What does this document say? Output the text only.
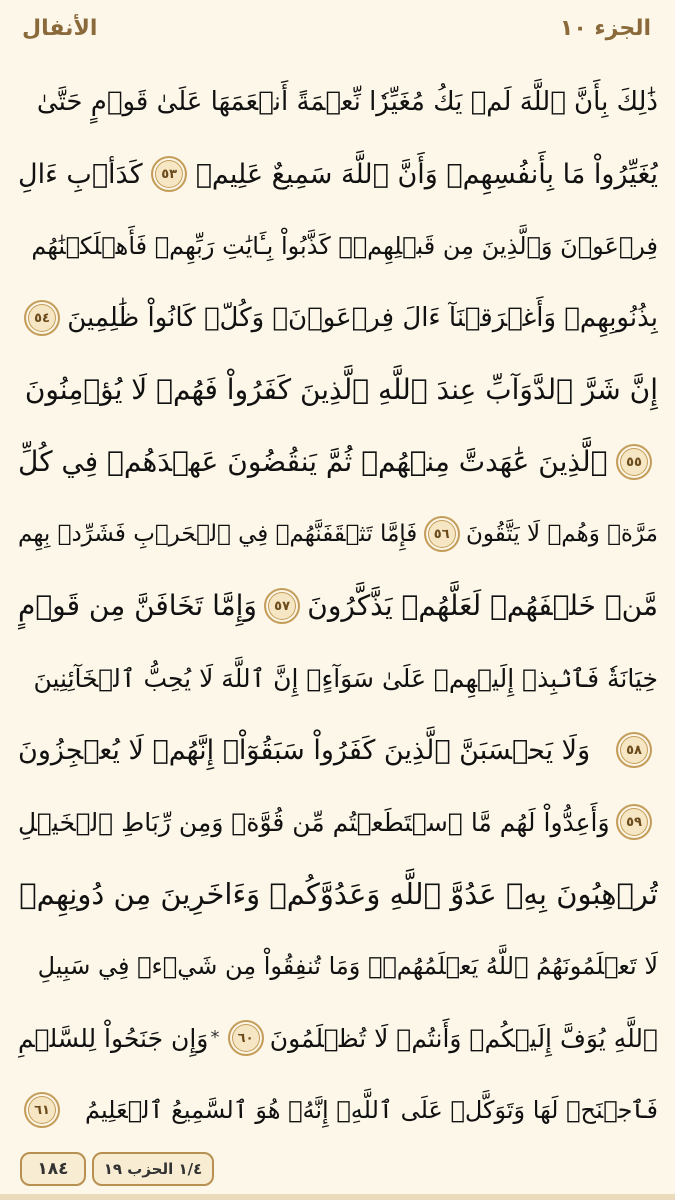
الجزء ١٠
الأنفال
ذَٰلِكَ بِأَنَّ ٱللَّهَ لَمۡ يَكُ مُغَيِّرٗا نِّعۡمَةً أَنۡعَمَهَا عَلَىٰ قَوۡمٍ حَتَّىٰ
يُغَيِّرُواْ مَا بِأَنفُسِهِمۡ وَأَنَّ ٱللَّهَ سَمِيعٌ عَلِيمٞ
٥٣
كَدَأۡبِ ءَالِ
فِرۡعَوۡنَ وَٱلَّذِينَ مِن قَبۡلِهِمۡۚ كَذَّبُواْ بِـَٔايَٰتِ رَبِّهِمۡ فَأَهۡلَكۡنَٰهُم
بِذُنُوبِهِمۡ وَأَغۡرَقۡنَآ ءَالَ فِرۡعَوۡنَۚ وَكُلّٞ كَانُواْ ظَٰلِمِينَ
٥٤
إِنَّ شَرَّ ٱلدَّوَآبِّ عِندَ ٱللَّهِ ٱلَّذِينَ كَفَرُواْ فَهُمۡ لَا يُؤۡمِنُونَ
٥٥
ٱلَّذِينَ عَٰهَدتَّ مِنۡهُمۡ ثُمَّ يَنقُضُونَ عَهۡدَهُمۡ فِي كُلِّ
مَرَّةٖ وَهُمۡ لَا يَتَّقُونَ
٥٦
فَإِمَّا تَثۡقَفَنَّهُمۡ فِي ٱلۡحَرۡبِ فَشَرِّدۡ بِهِم
مَّنۡ خَلۡفَهُمۡ لَعَلَّهُمۡ يَذَّكَّرُونَ
٥٧
وَإِمَّا تَخَافَنَّ مِن قَوۡمٍ
خِيَانَةٗ فَٱنۢبِذۡ إِلَيۡهِمۡ عَلَىٰ سَوَآءٍۚ إِنَّ ٱللَّهَ لَا يُحِبُّ ٱلۡخَآئِنِينَ
٥٨
وَلَا يَحۡسَبَنَّ ٱلَّذِينَ كَفَرُواْ سَبَقُوٓاْۚ إِنَّهُمۡ لَا يُعۡجِزُونَ
٥٩
وَأَعِدُّواْ لَهُم مَّا ٱسۡتَطَعۡتُم مِّن قُوَّةٖ وَمِن رِّبَاطِ ٱلۡخَيۡلِ
تُرۡهِبُونَ بِهِۦ عَدُوَّ ٱللَّهِ وَعَدُوَّكُمۡ وَءَاخَرِينَ مِن دُونِهِمۡ
لَا تَعۡلَمُونَهُمُ ٱللَّهُ يَعۡلَمُهُمۡۚ وَمَا تُنفِقُواْ مِن شَيۡءٖ فِي سَبِيلِ
ٱللَّهِ يُوَفَّ إِلَيۡكُمۡ وَأَنتُمۡ لَا تُظۡلَمُونَ
٦٠
*
وَإِن جَنَحُواْ لِلسَّلۡمِ
فَٱجۡنَحۡ لَهَا وَتَوَكَّلۡ عَلَى ٱللَّهِۚ إِنَّهُۥ هُوَ ٱلسَّمِيعُ ٱلۡعَلِيمُ
٦١
١٨٤	١/٤ الحزب ١٩
